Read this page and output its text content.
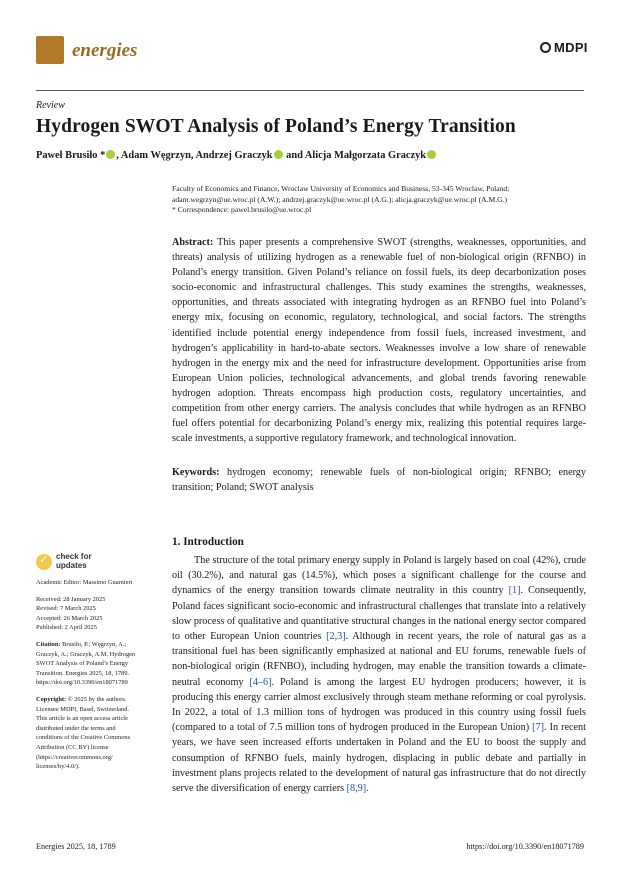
energies	MDPI
Review
Hydrogen SWOT Analysis of Poland’s Energy Transition
Paweł Brusiło * , Adam Węgrzyn, Andrzej Graczyk and Alicja Małgorzata Graczyk
Faculty of Economics and Finance, Wroclaw University of Economics and Business, 53-345 Wroclaw, Poland;
adam.wegrzyn@ue.wroc.pl (A.W.); andrzej.graczyk@ue.wroc.pl (A.G.); alicja.graczyk@ue.wroc.pl (A.M.G.)
* Correspondence: pawel.brusilo@ue.wroc.pl
Abstract: This paper presents a comprehensive SWOT (strengths, weaknesses, opportunities, and threats) analysis of utilizing hydrogen as a renewable fuel of non-biological origin (RFNBO) in Poland’s energy transition. Given Poland’s reliance on fossil fuels, its deep decarbonization poses socio-economic and infrastructural challenges. This study examines the strengths, weaknesses, opportunities, and threats associated with integrating hydrogen as an RFNBO fuel into Poland’s energy mix, focusing on economic, regulatory, technological, and social factors. The strengths identified include potential energy independence from fossil fuels, increased investment, and hydrogen’s applicability in hard-to-abate sectors. Weaknesses involve a low share of renewable hydrogen in the energy mix and the need for infrastructure development. Opportunities arise from European Union policies, technological advancements, and global trends favoring renewable hydrogen adoption. Threats encompass high production costs, regulatory uncertainties, and competition from other energy carriers. The analysis concludes that while hydrogen as an RFNBO fuel offers potential for decarbonizing Poland’s energy mix, realizing this potential requires large-scale investments, a supportive regulatory framework, and technological innovation.
Keywords: hydrogen economy; renewable fuels of non-biological origin; RFNBO; energy transition; Poland; SWOT analysis
1. Introduction

The structure of the total primary energy supply in Poland is largely based on coal (42%), crude oil (30.2%), and natural gas (14.5%), which poses a significant challenge for the course and dynamics of the energy transition towards climate neutrality in this country [1]. Consequently, Poland faces significant socio-economic and infrastructural challenges that translate into a relatively slow process of qualitative and quantitative structural changes in the national energy sector compared to other European Union countries [2,3]. Although in recent years, the role of natural gas as a transitional fuel has been significantly emphasized at national and EU forums, renewable fuels of non-biological origin (RFNBO), including hydrogen, may enable the transition towards a climate-neutral economy [4–6]. Poland is among the largest EU hydrogen producers; however, it is producing this energy carrier almost exclusively through steam methane reforming or coal pyrolysis. In 2022, a total of 1.3 million tons of hydrogen was produced in this country using fossil fuels (compared to a total of 7.5 million tons of hydrogen produced in the European Union) [7]. In recent years, we have seen increased efforts undertaken in Poland and the EU to boost the supply and consumption of RFNBO fuels, mainly hydrogen, displacing in public debate and partially in investment plans projects related to the development of natural gas infrastructure that do not directly serve the diversification of energy carriers [8,9].

✓ check for
updates
Academic Editor: Massimo Guarnieri
Received: 28 January 2025
Revised: 7 March 2025
Accepted: 26 March 2025
Published: 2 April 2025
Citation: Brusiło, P.; Węgrzyn, A.;
Graczyk, A.; Graczyk, A.M. Hydrogen
SWOT Analysis of Poland’s Energy
Transition. Energies 2025, 18, 1789.
https://doi.org/10.3390/en18071789
Copyright: © 2025 by the authors.
Licensee MDPI, Basel, Switzerland.
This article is an open access article
distributed under the terms and
conditions of the Creative Commons
Attribution (CC BY) license
(https://creativecommons.org/
licenses/by/4.0/).
Energies 2025, 18, 1789	https://doi.org/10.3390/en18071789
